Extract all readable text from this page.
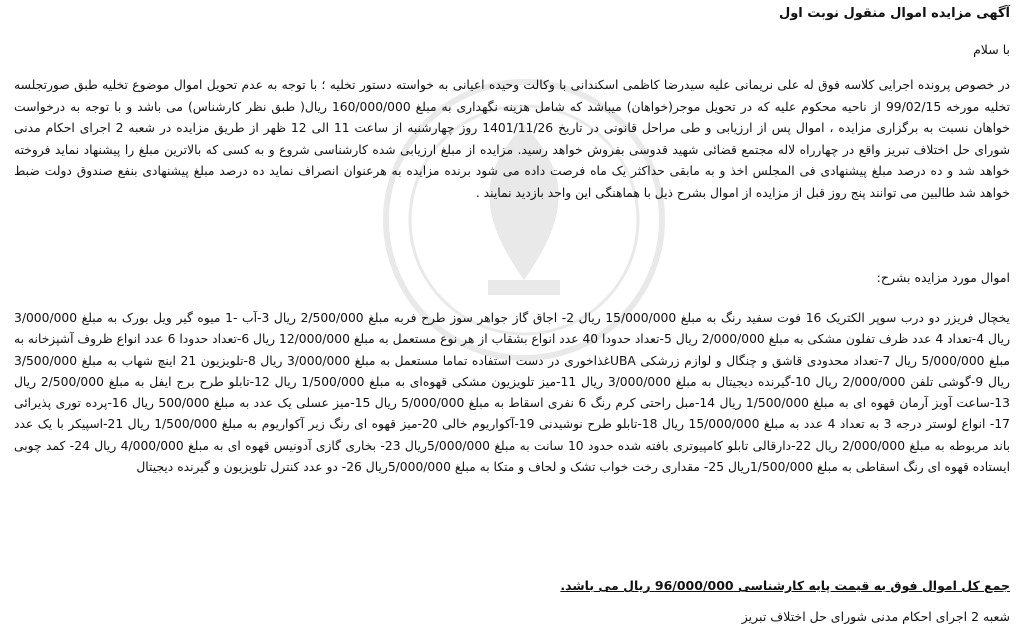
آگهی مزایده اموال منقول نوبت اول

با سلام

در خصوص پرونده اجرایی کلاسه فوق له علی نریمانی علیه سیدرضا کاظمی اسکندانی با وکالت وحیده اعیانی به خواسته دستور تخلیه ؛ با توجه به عدم تحویل اموال موضوع تخلیه طبق صورتجلسه تخلیه مورخه 99/02/15 از ناحیه محکوم علیه که در تحویل موجر(خواهان) میباشد که شامل هزینه نگهداری به مبلغ 160/000/000 ریال( طبق نظر کارشناس) می باشد و با توجه به درخواست خواهان نسبت به برگزاری مزایده ، اموال پس از ارزیابی و طی مراحل قانونی در تاریخ 1401/11/26 روز چهارشنبه از ساعت 11 الی 12 ظهر از طریق مزایده در شعبه 2 اجرای احکام مدنی شورای حل اختلاف تبریز واقع در چهارراه لاله مجتمع قضائی شهید قدوسی بفروش خواهد رسید. مزایده از مبلغ ارزیابی شده کارشناسی شروع و به کسی که بالاترین مبلغ را پیشنهاد نماید فروخته خواهد شد و ده درصد مبلغ پیشنهادی فی المجلس اخذ و به مابقی حداکثر یک ماه فرصت داده می شود برنده مزایده به هرعنوان انصراف نماید ده درصد مبلغ پیشنهادی بنفع صندوق دولت ضبط خواهد شد طالبین می توانند پنج روز قبل از مزایده از اموال بشرح ذیل با هماهنگی این واحد بازدید نمایند .

اموال مورد مزایده بشرح:

یخچال فریزر دو درب سوپر الکتریک 16 فوت سفید رنگ به مبلغ 15/000/000 ریال 2- اجاق گاز جواهر سوز طرح فربه مبلغ 2/500/000 ریال 3-آب -1 میوه گیر ویل بورک به مبلغ 3/000/000 ریال 4-تعداد 4 عدد ظرف تفلون مشکی به مبلغ 2/000/000 ریال 5-تعداد حدودا 40 عدد انواع بشقاب از هر نوع مستعمل به مبلغ 12/000/000 ریال 6-تعداد حدودا 6 عدد انواع ظروف آشپزخانه به مبلغ 5/000/000 ریال 7-تعداد محدودی قاشق و چنگال و لوازم زرشکی UBAغذاخوری در دست استفاده تماما مستعمل به مبلغ 3/000/000 ریال 8-تلویزیون 21 اینچ شهاب به مبلغ 3/500/000 ریال 9-گوشی تلفن 2/000/000 ریال 10-گیرنده دیجیتال به مبلغ 3/000/000 ریال 11-میز تلویزیون مشکی قهوه‌ای به مبلغ 1/500/000 ریال 12-تابلو طرح برج ایفل به مبلغ 2/500/000 ریال 13-ساعت آویز آرمان قهوه ای به مبلغ 1/500/000 ریال 14-مبل راحتی کرم رنگ 6 نفری اسقاط به مبلغ 5/000/000 ریال 15-میز عسلی یک عدد به مبلغ 500/000 ریال 16-پرده توری پذیرائی 17- انواع لوستر درجه 3 به تعداد 4 عدد به مبلغ 15/000/000 ریال 18-تابلو طرح نوشیدنی 19-آکواریوم خالی 20-میز قهوه ای رنگ زیر آکواریوم به مبلغ 1/500/000 ریال 21-اسپیکر با یک عدد باند مربوطه به مبلغ 2/000/000 ریال 22-دارقالی تابلو کامپیوتری بافته شده حدود 10 سانت به مبلغ 5/000/000ریال 23- بخاری گازی آدونیس قهوه ای به مبلغ 4/000/000 ریال 24- کمد چوبی ایستاده قهوه ای رنگ اسقاطی به مبلغ 1/500/000ریال 25- مقداری رخت خواب تشک و لحاف و متکا به مبلغ 5/000/000ریال 26- دو عدد کنترل تلویزیون و گیرنده دیجیتال

جمع کل اموال فوق به قیمت پایه کارشناسی 96/000/000 ریال می باشد.

شعبه 2 اجرای احکام مدنی شورای حل اختلاف تبریز
